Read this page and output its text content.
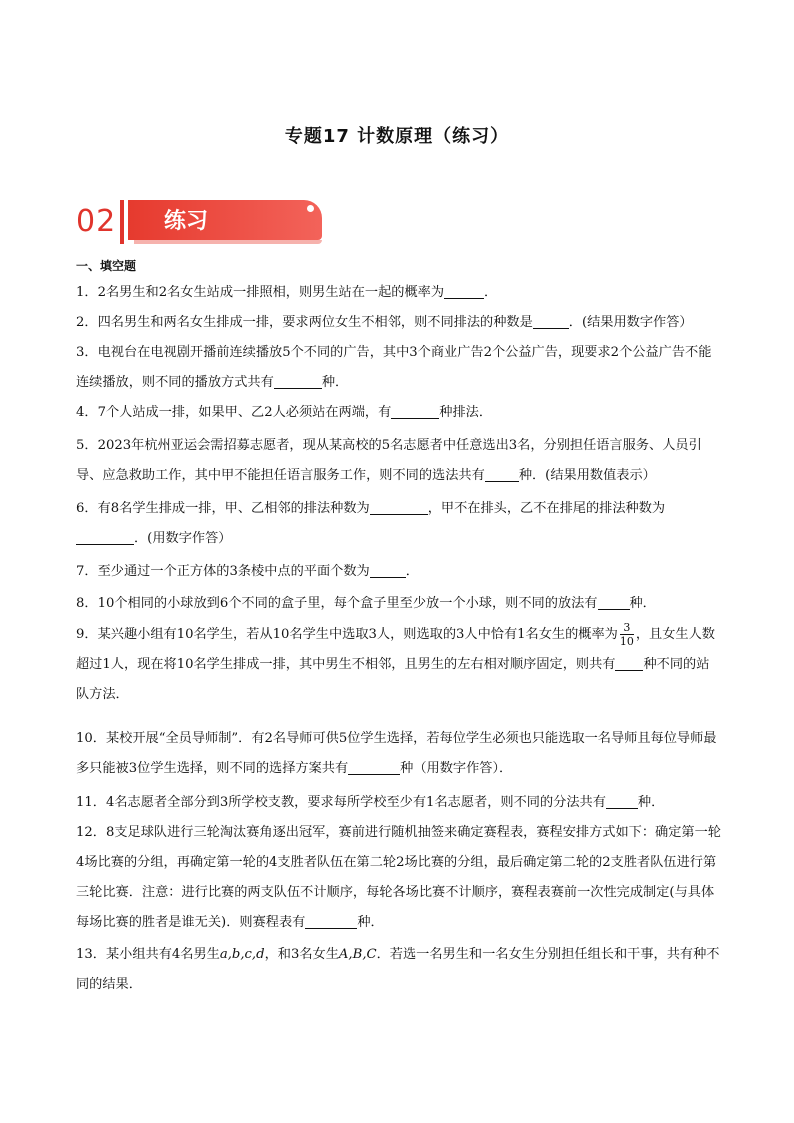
专题17 计数原理（练习）
02 练习
一、填空题
1．2名男生和2名女生站成一排照相，则男生站在一起的概率为	．
2．四名男生和两名女生排成一排，要求两位女生不相邻，则不同排法的种数是	．(结果用数字作答）
3．电视台在电视剧开播前连续播放5个不同的广告，其中3个商业广告2个公益广告，现要求2个公益广告不能连续播放，则不同的播放方式共有	种．
4．7个人站成一排，如果甲、乙2人必须站在两端，有	种排法．
5．2023年杭州亚运会需招募志愿者，现从某高校的5名志愿者中任意选出3名，分别担任语言服务、人员引导、应急救助工作，其中甲不能担任语言服务工作，则不同的选法共有	种．(结果用数值表示）
6．有8名学生排成一排，甲、乙相邻的排法种数为	，甲不在排头，乙不在排尾的排法种数为．(用数字作答）
7．至少通过一个正方体的3条棱中点的平面个数为	．
8．10个相同的小球放到6个不同的盒子里，每个盒子里至少放一个小球，则不同的放法有 种．
9．某兴趣小组有10名学生，若从10名学生中选取3人，则选取的3人中恰有1名女生的概率为 $\frac{3}{10}$ ，且女生人数超过1人，现在将10名学生排成一排，其中男生不相邻，且男生的左右相对顺序固定，则共有 种不同的站队方法．
10．某校开展“全员导师制”．有2名导师可供5位学生选择，若每位学生必须也只能选取一名导师且每位导师最多只能被3位学生选择，则不同的选择方案共有	种（用数字作答）．
11．4名志愿者全部分到3所学校支教，要求每所学校至少有1名志愿者，则不同的分法共有 种．
12．8支足球队进行三轮淘汰赛角逐出冠军，赛前进行随机抽签来确定赛程表，赛程安排方式如下：确定第一轮4场比赛的分组，再确定第一轮的4支胜者队伍在第二轮2场比赛的分组，最后确定第二轮的2支胜者队伍进行第三轮比赛．注意：进行比赛的两支队伍不计顺序，每轮各场比赛不计顺序，赛程表赛前一次性完成制定(与具体每场比赛的胜者是谁无关)．则赛程表有	种．
13．某小组共有4名男生a,b,c,d，和3名女生A,B,C．若选一名男生和一名女生分别担任组长和干事，共有种不同的结果．
